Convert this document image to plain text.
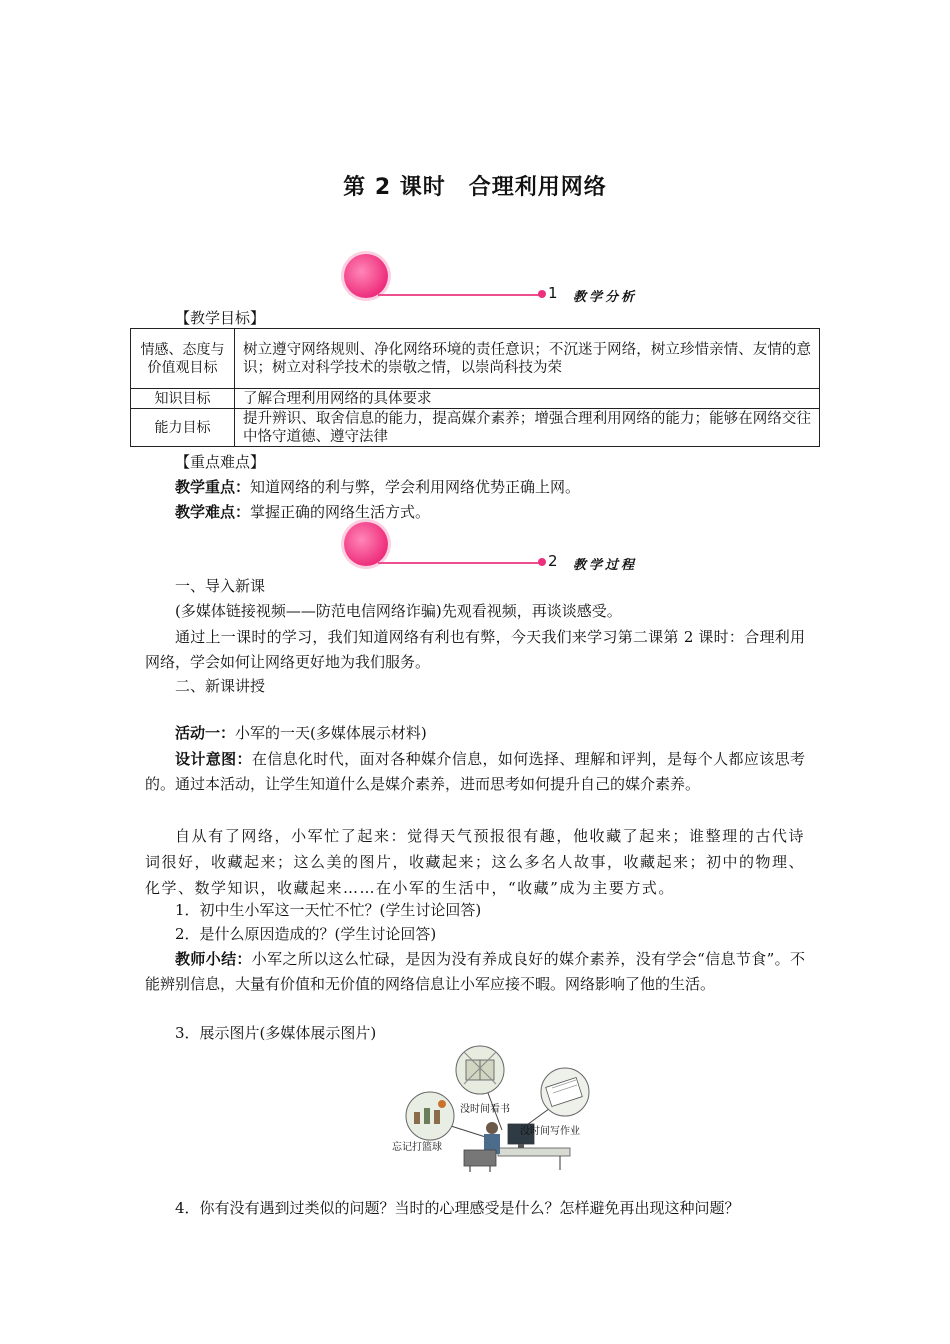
第 2 课时　合理利用网络
1 教学分析
【教学目标】
情感、态度与价值观目标	树立遵守网络规则、净化网络环境的责任意识；不沉迷于网络，树立珍惜亲情、友情的意识；树立对科学技术的崇敬之情，以崇尚科技为荣
知识目标	了解合理利用网络的具体要求
能力目标	提升辨识、取舍信息的能力，提高媒介素养；增强合理利用网络的能力；能够在网络交往中恪守道德、遵守法律
【重点难点】
教学重点：知道网络的利与弊，学会利用网络优势正确上网。
教学难点：掌握正确的网络生活方式。
2 教学过程
一、导入新课
(多媒体链接视频——防范电信网络诈骗)先观看视频，再谈谈感受。
通过上一课时的学习，我们知道网络有利也有弊，今天我们来学习第二课第 2 课时：合理利用网络，学会如何让网络更好地为我们服务。
二、新课讲授
活动一：小军的一天(多媒体展示材料)
设计意图：在信息化时代，面对各种媒介信息，如何选择、理解和评判，是每个人都应该思考的。通过本活动，让学生知道什么是媒介素养，进而思考如何提升自己的媒介素养。
自从有了网络，小军忙了起来：觉得天气预报很有趣，他收藏了起来；谁整理的古代诗词很好，收藏起来；这么美的图片，收藏起来；这么多名人故事，收藏起来；初中的物理、化学、数学知识，收藏起来……在小军的生活中，“收藏”成为主要方式。
1．初中生小军这一天忙不忙？(学生讨论回答)
2．是什么原因造成的？(学生讨论回答)
教师小结：小军之所以这么忙碌，是因为没有养成良好的媒介素养，没有学会“信息节食”。不能辨别信息，大量有价值和无价值的网络信息让小军应接不暇。网络影响了他的生活。
3．展示图片(多媒体展示图片)
没时间看书
没时间写作业
忘记打篮球
4．你有没有遇到过类似的问题？当时的心理感受是什么？怎样避免再出现这种问题？
